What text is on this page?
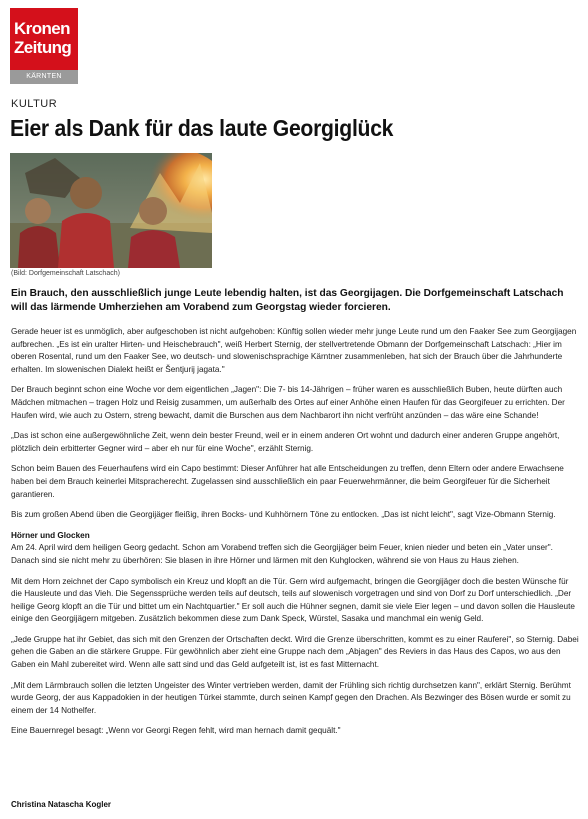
Kronen
Zeitung
KÄRNTEN
KULTUR
Eier als Dank für das laute Georgiglück
(Bild: Dorfgemeinschaft Latschach)

Ein Brauch, den ausschließlich junge Leute lebendig halten, ist das Georgijagen. Die Dorfgemeinschaft Latschach will das lärmende Umherziehen am Vorabend zum Georgstag wieder forcieren.

Gerade heuer ist es unmöglich, aber aufgeschoben ist nicht aufgehoben: Künftig sollen wieder mehr junge Leute rund um den Faaker See zum Georgijagen aufbrechen. „Es ist ein uralter Hirten- und Heischebrauch", weiß Herbert Sternig, der stellvertretende Obmann der Dorfgemeinschaft Latschach: „Hier im oberen Rosental, rund um den Faaker See, wo deutsch- und slowenischsprachige Kärntner zusammenleben, hat sich der Brauch über die Jahrhunderte erhalten. Im slowenischen Dialekt heißt er Šentjurij jagata."

Der Brauch beginnt schon eine Woche vor dem eigentlichen „Jagen": Die 7- bis 14-Jährigen – früher waren es ausschließlich Buben, heute dürften auch Mädchen mitmachen – tragen Holz und Reisig zusammen, um außerhalb des Ortes auf einer Anhöhe einen Haufen für das Georgifeuer zu errichten. Der Haufen wird, wie auch zu Ostern, streng bewacht, damit die Burschen aus dem Nachbarort ihn nicht verfrüht anzünden – das wäre eine Schande!

„Das ist schon eine außergewöhnliche Zeit, wenn dein bester Freund, weil er in einem anderen Ort wohnt und dadurch einer anderen Gruppe angehört, plötzlich dein erbitterter Gegner wird – aber eh nur für eine Woche", erzählt Sternig.

Schon beim Bauen des Feuerhaufens wird ein Capo bestimmt: Dieser Anführer hat alle Entscheidungen zu treffen, denn Eltern oder andere Erwachsene haben bei dem Brauch keinerlei Mitspracherecht. Zugelassen sind ausschließlich ein paar Feuerwehrmänner, die beim Georgifeuer für die Sicherheit garantieren.

Bis zum großen Abend üben die Georgijäger fleißig, ihren Bocks- und Kuhhörnern Töne zu entlocken. „Das ist nicht leicht", sagt Vize-Obmann Sternig.

Hörner und Glocken

Am 24. April wird dem heiligen Georg gedacht. Schon am Vorabend treffen sich die Georgijäger beim Feuer, knien nieder und beten ein „Vater unser". Danach sind sie nicht mehr zu überhören: Sie blasen in ihre Hörner und lärmen mit den Kuhglocken, während sie von Haus zu Haus ziehen.

Mit dem Horn zeichnet der Capo symbolisch ein Kreuz und klopft an die Tür. Gern wird aufgemacht, bringen die Georgijäger doch die besten Wünsche für die Hausleute und das Vieh. Die Segenssprüche werden teils auf deutsch, teils auf slowenisch vorgetragen und sind von Dorf zu Dorf unterschiedlich. „Der heilige Georg klopft an die Tür und bittet um ein Nachtquartier." Er soll auch die Hühner segnen, damit sie viele Eier legen – und davon sollen die Hausleute einige den Georgijägern mitgeben. Zusätzlich bekommen diese zum Dank Speck, Würstel, Sasaka und manchmal ein wenig Geld.

„Jede Gruppe hat ihr Gebiet, das sich mit den Grenzen der Ortschaften deckt. Wird die Grenze überschritten, kommt es zu einer Rauferei", so Sternig. Dabei gehen die Gaben an die stärkere Gruppe. Für gewöhnlich aber zieht eine Gruppe nach dem „Abjagen" des Reviers in das Haus des Capos, wo aus den Gaben ein Mahl zubereitet wird. Wenn alle satt sind und das Geld aufgeteilt ist, ist es fast Mitternacht.

„Mit dem Lärmbrauch sollen die letzten Ungeister des Winter vertrieben werden, damit der Frühling sich richtig durchsetzen kann", erklärt Sternig. Berühmt wurde Georg, der aus Kappadokien in der heutigen Türkei stammte, durch seinen Kampf gegen den Drachen. Als Bezwinger des Bösen wurde er somit zu einem der 14 Nothelfer.

Eine Bauernregel besagt: „Wenn vor Georgi Regen fehlt, wird man hernach damit gequält."

Christina Natascha Kogler
